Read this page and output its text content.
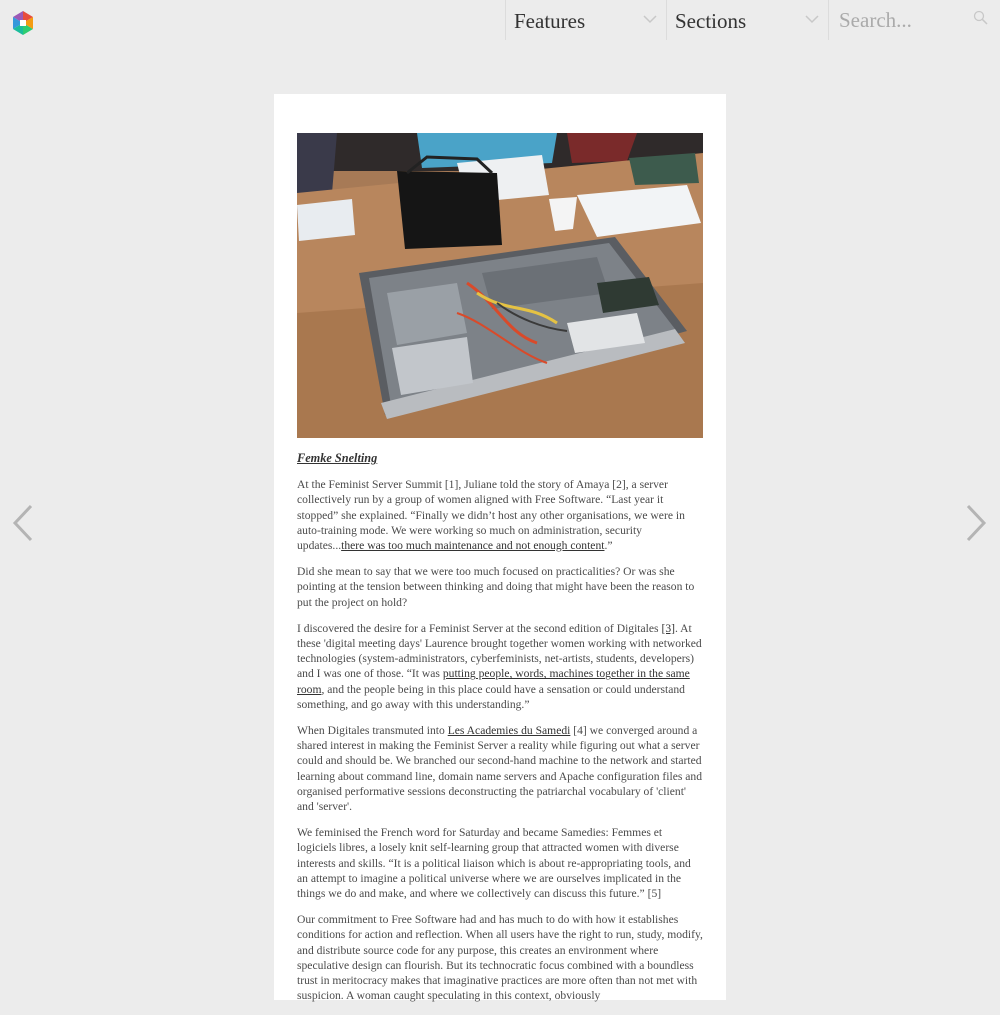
Features	Sections
Search...
Femke Snelting

At the Feminist Server Summit [1], Juliane told the story of Amaya [2], a server collectively run by a group of women aligned with Free Software. “Last year it stopped” she explained. “Finally we didn’t host any other organisations, we were in auto-training mode. We were working so much on administration, security updates...there was too much maintenance and not enough content.”

Did she mean to say that we were too much focused on practicalities? Or was she pointing at the tension between thinking and doing that might have been the reason to put the project on hold?

I discovered the desire for a Feminist Server at the second edition of Digitales [3]. At these 'digital meeting days' Laurence brought together women working with networked technologies (system-administrators, cyberfeminists, net-artists, students, developers) and I was one of those. “It was putting people, words, machines together in the same room, and the people being in this place could have a sensation or could understand something, and go away with this understanding.”

When Digitales transmuted into Les Academies du Samedi [4] we converged around a shared interest in making the Feminist Server a reality while figuring out what a server could and should be. We branched our second-hand machine to the network and started learning about command line, domain name servers and Apache configuration files and organised performative sessions deconstructing the patriarchal vocabulary of 'client' and 'server'.

We feminised the French word for Saturday and became Samedies: Femmes et logiciels libres, a losely knit self-learning group that attracted women with diverse interests and skills. “It is a political liaison which is about re-appropriating tools, and an attempt to imagine a political universe where we are ourselves implicated in the things we do and make, and where we collectively can discuss this future.” [5]

Our commitment to Free Software had and has much to do with how it establishes conditions for action and reflection. When all users have the right to run, study, modify, and distribute source code for any purpose, this creates an environment where speculative design can flourish. But its technocratic focus combined with a boundless trust in meritocracy makes that imaginative practices are more often than not met with suspicion. A woman caught speculating in this context, obviously
